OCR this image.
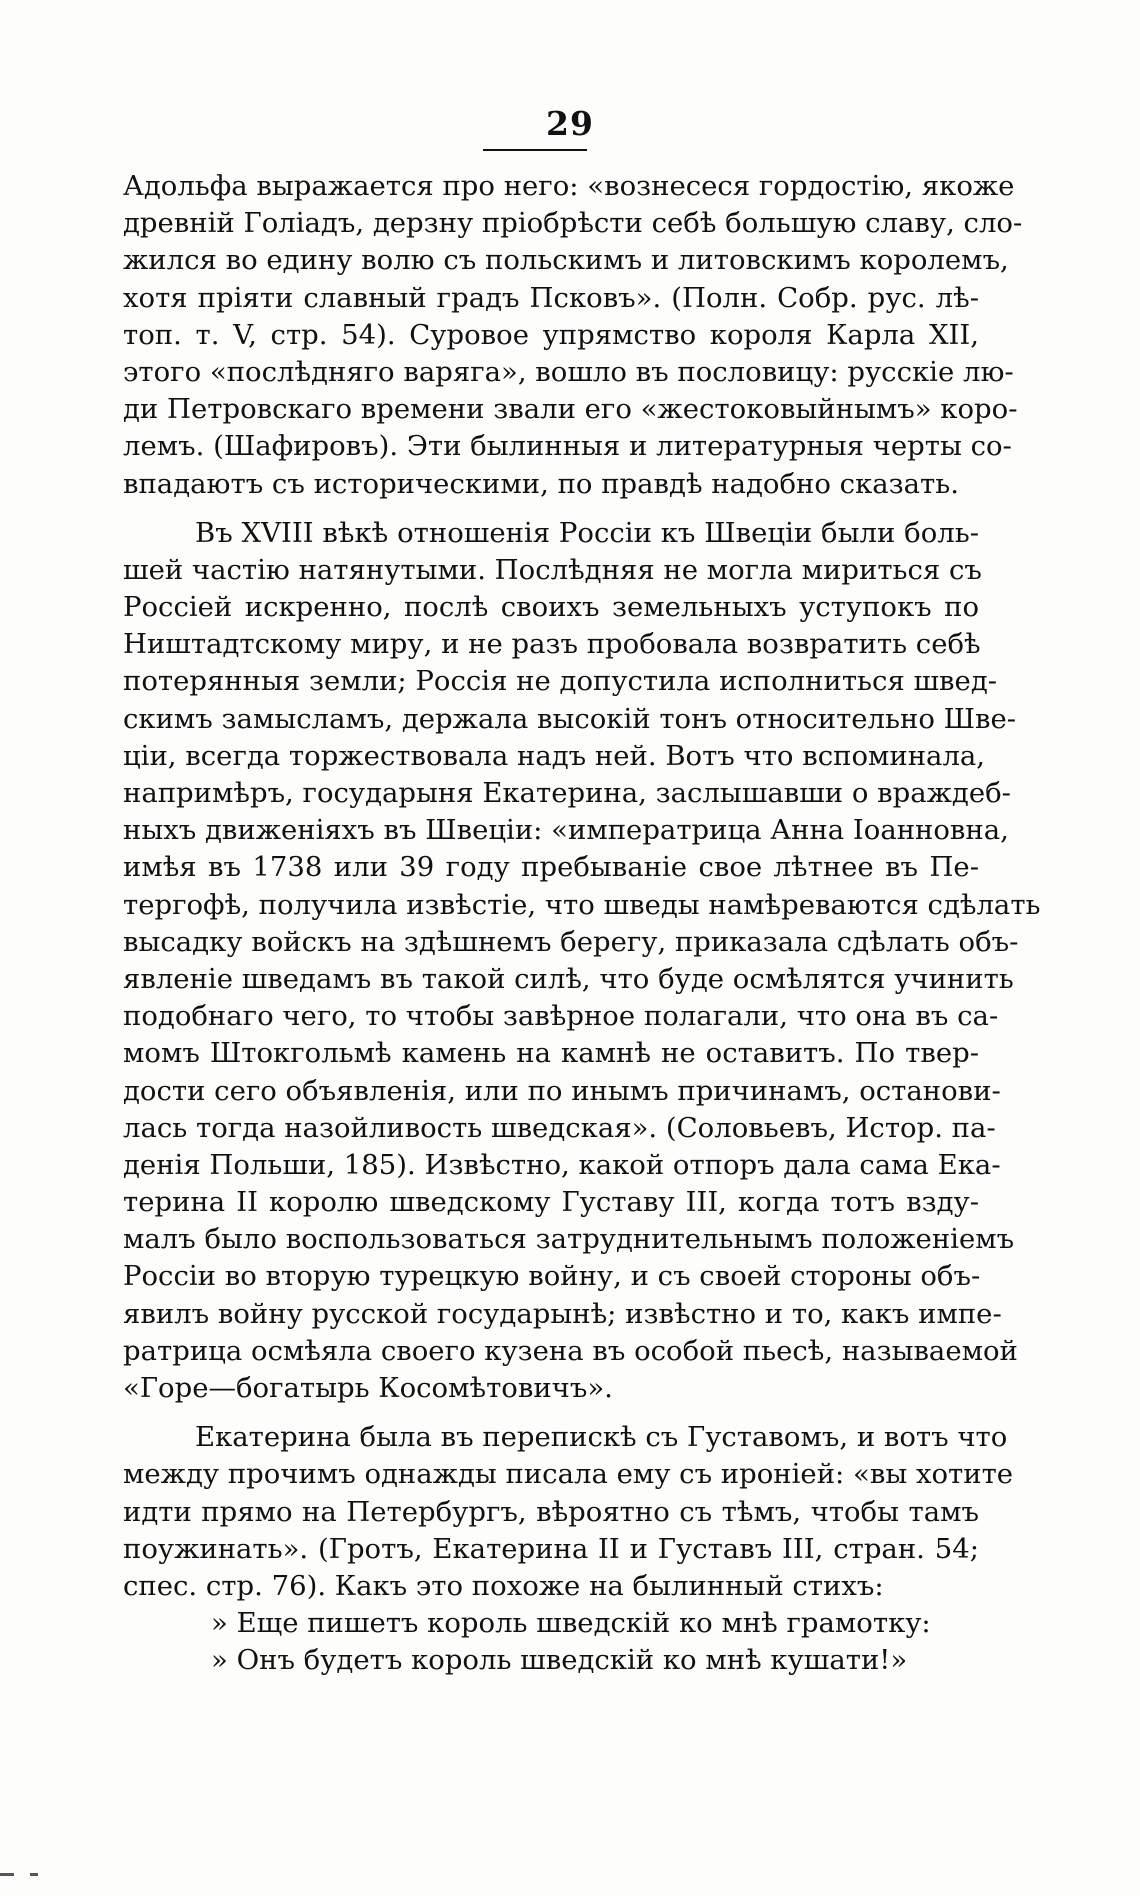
29
Адольфа выражается про него: «вознесеся гордостію, якоже
древній Голіадъ, дерзну пріобрѣсти себѣ большую славу, сло-
жился во едину волю съ польскимъ и литовскимъ королемъ,
хотя пріяти славный градъ Псковъ». (Полн. Собр. рус. лѣ-
топ. т. V, стр. 54). Суровое упрямство короля Карла XII,
этого «послѣдняго варяга», вошло въ пословицу: русскіе лю-
ди Петровскаго времени звали его «жестоковыйнымъ» коро-
лемъ. (Шафировъ). Эти былинныя и литературныя черты со-
впадаютъ съ историческими, по правдѣ надобно сказать.
Въ XVIII вѣкѣ отношенія Россіи къ Швеціи были боль-
шей частію натянутыми. Послѣдняя не могла мириться съ
Россіей искренно, послѣ своихъ земельныхъ уступокъ по
Ништадтскому миру, и не разъ пробовала возвратить себѣ
потерянныя земли; Россія не допустила исполниться швед-
скимъ замысламъ, держала высокій тонъ относительно Шве-
ціи, всегда торжествовала надъ ней. Вотъ что вспоминала,
напримѣръ, государыня Екатерина, заслышавши о враждеб-
ныхъ движеніяхъ въ Швеціи: «императрица Анна Іоанновна,
имѣя въ 1738 или 39 году пребываніе свое лѣтнее въ Пе-
тергофѣ, получила извѣстіе, что шведы намѣреваются сдѣлать
высадку войскъ на здѣшнемъ берегу, приказала сдѣлать объ-
явленіе шведамъ въ такой силѣ, что буде осмѣлятся учинить
подобнаго чего, то чтобы завѣрное полагали, что она въ са-
момъ Штокгольмѣ камень на камнѣ не оставитъ. По твер-
дости сего объявленія, или по инымъ причинамъ, останови-
лась тогда назойливость шведская». (Соловьевъ, Истор. па-
денія Польши, 185). Извѣстно, какой отпоръ дала сама Ека-
терина II королю шведскому Густаву III, когда тотъ взду-
малъ было воспользоваться затруднительнымъ положеніемъ
Россіи во вторую турецкую войну, и съ своей стороны объ-
явилъ войну русской государынѣ; извѣстно и то, какъ импе-
ратрица осмѣяла своего кузена въ особой пьесѣ, называемой
«Горе—богатырь Косомѣтовичъ».
Екатерина была въ перепискѣ съ Густавомъ, и вотъ что
между прочимъ однажды писала ему съ ироніей: «вы хотите
идти прямо на Петербургъ, вѣроятно съ тѣмъ, чтобы тамъ
поужинать». (Гротъ, Екатерина II и Густавъ III, стран. 54;
спес. стр. 76). Какъ это похоже на былинный стихъ:
» Еще пишетъ король шведскій ко мнѣ грамотку:
» Онъ будетъ король шведскій ко мнѣ кушати!»
